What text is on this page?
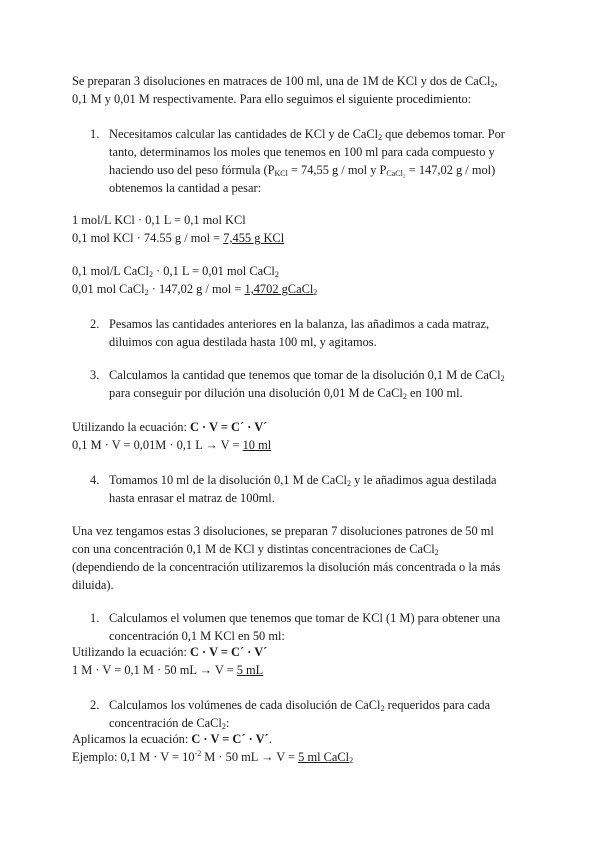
Se preparan 3 disoluciones en matraces de 100 ml, una de 1M de KCl y dos de CaCl$_2$,

0,1 M y 0,01 M respectivamente. Para ello seguimos el siguiente procedimiento:

1. Necesitamos calcular las cantidades de KCl y de CaCl$_2$ que debemos tomar. Por

tanto, determinamos los moles que tenemos en 100 ml para cada compuesto y

haciendo uso del peso fórmula ($P_{KCl} = 74,55$ g / mol y $P_{CaCl_2} = 147,02$ g / mol)

obtenemos la cantidad a pesar:

1 mol/L KCl · 0,1 L = 0,1 mol KCl

0,1 mol KCl · 74.55 g / mol = 7,455 g KCl

0,1 mol/L CaCl$_2$ · 0,1 L = 0,01 mol CaCl$_2$

0,01 mol CaCl$_2$ · 147,02 g / mol = 1,4702 gCaCl$_2$

2. Pesamos las cantidades anteriores en la balanza, las añadimos a cada matraz,

diluimos con agua destilada hasta 100 ml, y agitamos.

3. Calculamos la cantidad que tenemos que tomar de la disolución 0,1 M de CaCl$_2$

para conseguir por dilución una disolución 0,01 M de CaCl$_2$ en 100 ml.

Utilizando la ecuación: C · V = C´ · V´

0,1 M · V = 0,01M · 0,1 L → V = 10 ml

4. Tomamos 10 ml de la disolución 0,1 M de CaCl$_2$ y le añadimos agua destilada

hasta enrasar el matraz de 100ml.

Una vez tengamos estas 3 disoluciones, se preparan 7 disoluciones patrones de 50 ml

con una concentración 0,1 M de KCl y distintas concentraciones de CaCl$_2$

(dependiendo de la concentración utilizaremos la disolución más concentrada o la más

diluida).

1. Calculamos el volumen que tenemos que tomar de KCl (1 M) para obtener una

concentración 0,1 M KCl en 50 ml:

Utilizando la ecuación: C · V = C´ · V´

1 M · V = 0,1 M · 50 mL → V = 5 mL

2. Calculamos los volúmenes de cada disolución de CaCl$_2$ requeridos para cada

concentración de CaCl$_2$:

Aplicamos la ecuación: C · V = C´ · V´.

Ejemplo: 0,1 $M \cdot V = 10^{-2}$ M · 50 mL → V = 5 ml CaCl$_2$
